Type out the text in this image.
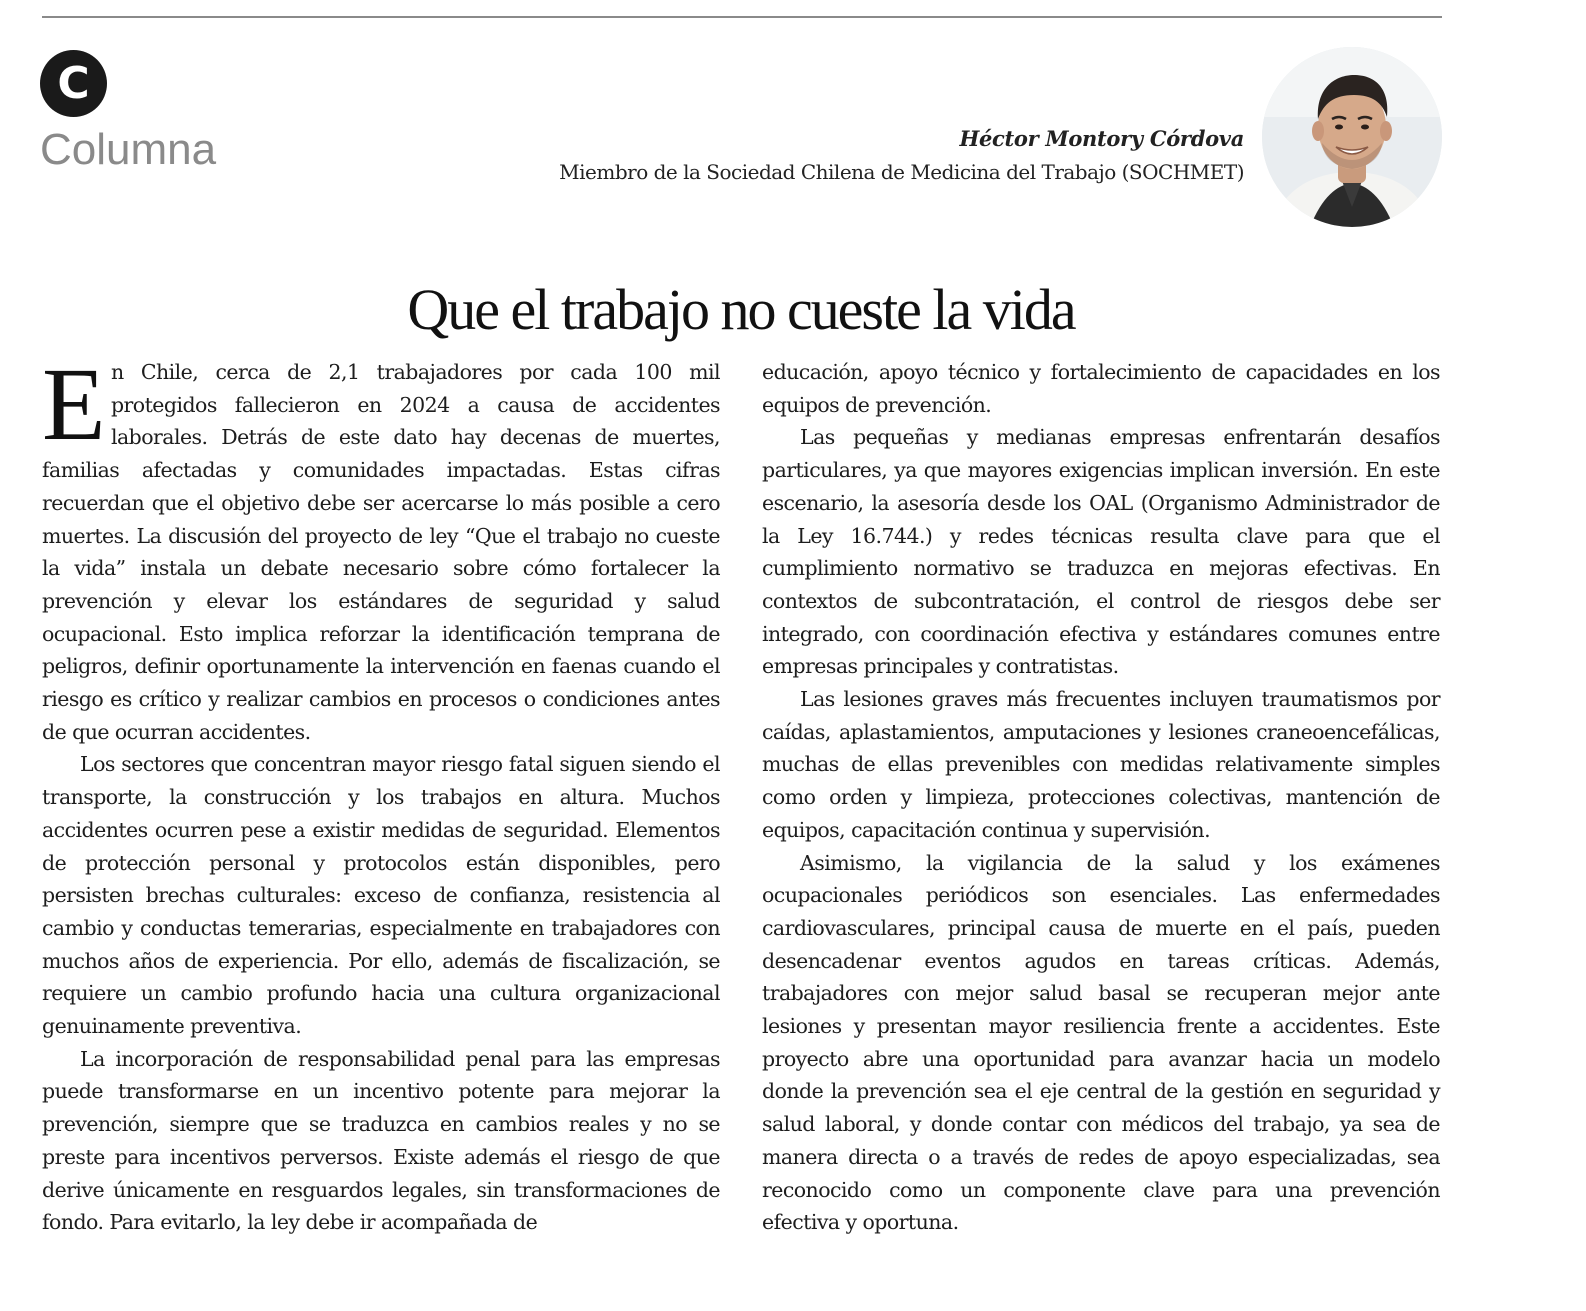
C
Columna	Héctor Montory Córdova
Miembro de la Sociedad Chilena de Medicina del Trabajo (SOCHMET)
Que el trabajo no cueste la vida

En Chile, cerca de 2,1 trabajadores por cada 100 mil protegidos fallecieron en 2024 a causa de accidentes laborales. Detrás de este dato hay decenas de muertes, familias afectadas y comunidades impactadas. Estas cifras recuerdan que el objetivo debe ser acercarse lo más posible a cero muertes. La discusión del proyecto de ley “Que el trabajo no cueste la vida” instala un debate necesario sobre cómo fortalecer la prevención y elevar los estándares de seguridad y salud ocupacional. Esto implica reforzar la identificación temprana de peligros, definir oportunamente la intervención en faenas cuando el riesgo es crítico y realizar cambios en procesos o condiciones antes de que ocurran accidentes.

Los sectores que concentran mayor riesgo fatal siguen siendo el transporte, la construcción y los trabajos en altura. Muchos accidentes ocurren pese a existir medidas de seguridad. Elementos de protección personal y protocolos están disponibles, pero persisten brechas culturales: exceso de confianza, resistencia al cambio y conductas temerarias, especialmente en trabajadores con muchos años de experiencia. Por ello, además de fiscalización, se requiere un cambio profundo hacia una cultura organizacional genuinamente preventiva.

La incorporación de responsabilidad penal para las empresas puede transformarse en un incentivo potente para mejorar la prevención, siempre que se traduzca en cambios reales y no se preste para incentivos perversos. Existe además el riesgo de que derive únicamente en resguardos legales, sin transformaciones de fondo. Para evitarlo, la ley debe ir acompañada de

educación, apoyo técnico y fortalecimiento de capacidades en los equipos de prevención.

Las pequeñas y medianas empresas enfrentarán desafíos particulares, ya que mayores exigencias implican inversión. En este escenario, la asesoría desde los OAL (Organismo Administrador de la Ley 16.744.) y redes técnicas resulta clave para que el cumplimiento normativo se traduzca en mejoras efectivas. En contextos de subcontratación, el control de riesgos debe ser integrado, con coordinación efectiva y estándares comunes entre empresas principales y contratistas.

Las lesiones graves más frecuentes incluyen traumatismos por caídas, aplastamientos, amputaciones y lesiones craneoencefálicas, muchas de ellas prevenibles con medidas relativamente simples como orden y limpieza, protecciones colectivas, mantención de equipos, capacitación continua y supervisión.

Asimismo, la vigilancia de la salud y los exámenes ocupacionales periódicos son esenciales. Las enfermedades cardiovasculares, principal causa de muerte en el país, pueden desencadenar eventos agudos en tareas críticas. Además, trabajadores con mejor salud basal se recuperan mejor ante lesiones y presentan mayor resiliencia frente a accidentes. Este proyecto abre una oportunidad para avanzar hacia un modelo donde la prevención sea el eje central de la gestión en seguridad y salud laboral, y donde contar con médicos del trabajo, ya sea de manera directa o a través de redes de apoyo especializadas, sea reconocido como un componente clave para una prevención efectiva y oportuna.
